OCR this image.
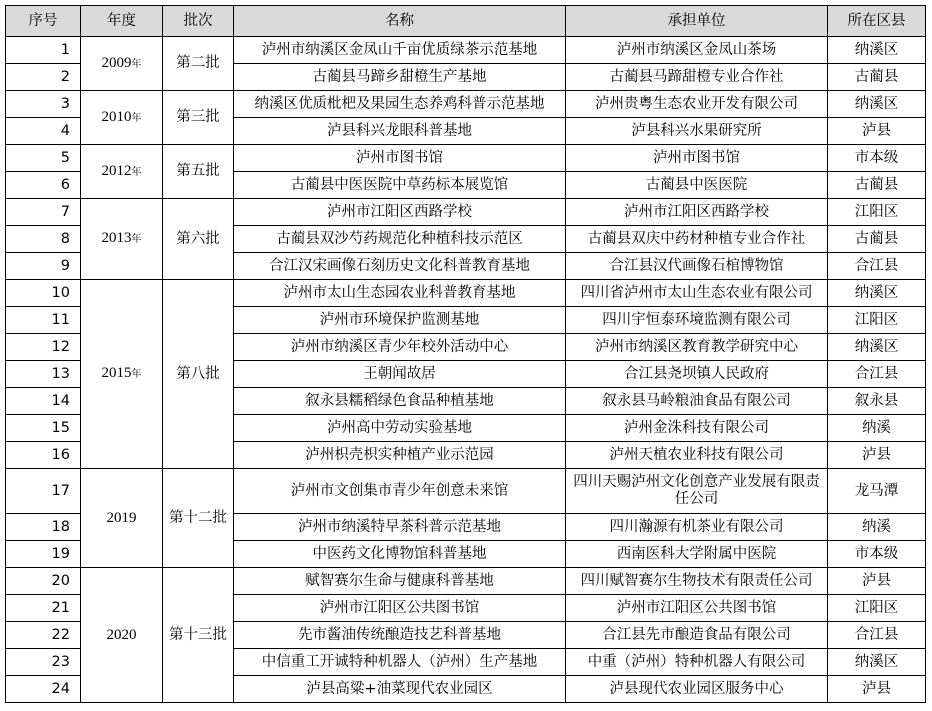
序号	年度	批次	名称	承担单位	所在区县
1	2009年	第二批	泸州市纳溪区金凤山千亩优质绿茶示范基地	泸州市纳溪区金凤山茶场	纳溪区
2			古蔺县马蹄乡甜橙生产基地	古蔺县马蹄甜橙专业合作社	古蔺县
3	2010年	第三批	纳溪区优质枇杷及果园生态养鸡科普示范基地	泸州贵粤生态农业开发有限公司	纳溪区
4			泸县科兴龙眼科普基地	泸县科兴水果研究所	泸县
5	2012年	第五批	泸州市图书馆	泸州市图书馆	市本级
6			古蔺县中医医院中草药标本展览馆	古蔺县中医医院	古蔺县
7	2013年	第六批	泸州市江阳区西路学校	泸州市江阳区西路学校	江阳区
8			古蔺县双沙芍药规范化种植科技示范区	古蔺县双庆中药材种植专业合作社	古蔺县
9			合江汉宋画像石刻历史文化科普教育基地	合江县汉代画像石棺博物馆	合江县
10	2015年	第八批	泸州市太山生态园农业科普教育基地	四川省泸州市太山生态农业有限公司	纳溪区
11			泸州市环境保护监测基地	四川宇恒泰环境监测有限公司	江阳区
12			泸州市纳溪区青少年校外活动中心	泸州市纳溪区教育教学研究中心	纳溪区
13			王朝闻故居	合江县尧坝镇人民政府	合江县
14			叙永县糯稻绿色食品种植基地	叙永县马岭粮油食品有限公司	叙永县
15			泸州高中劳动实验基地	泸州金洙科技有限公司	纳溪
16			泸州枳壳枳实种植产业示范园	泸州天植农业科技有限公司	泸县
17	2019	第十二批	泸州市文创集市青少年创意未来馆	四川天赐泸州文化创意产业发展有限责任公司	龙马潭
18			泸州市纳溪特早茶科普示范基地	四川瀚源有机茶业有限公司	纳溪
19			中医药文化博物馆科普基地	西南医科大学附属中医院	市本级
20	2020	第十三批	赋智赛尔生命与健康科普基地	四川赋智赛尔生物技术有限责任公司	泸县
21			泸州市江阳区公共图书馆	泸州市江阳区公共图书馆	江阳区
22			先市酱油传统酿造技艺科普基地	合江县先市酿造食品有限公司	合江县
23			中信重工开诚特种机器人（泸州）生产基地	中重（泸州）特种机器人有限公司	纳溪区
24			泸县高粱+油菜现代农业园区	泸县现代农业园区服务中心	泸县
